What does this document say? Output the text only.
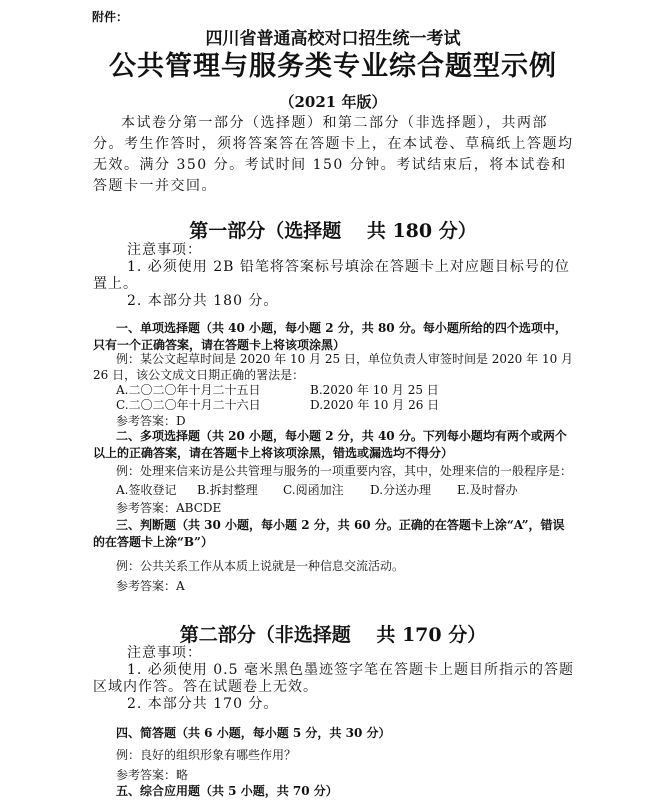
附件：
四川省普通高校对口招生统一考试
公共管理与服务类专业综合题型示例
（2021 年版）

本试卷分第一部分（选择题）和第二部分（非选择题），共两部分。考生作答时，须将答案答在答题卡上，在本试卷、草稿纸上答题均无效。满分 350 分。考试时间 150 分钟。考试结束后，将本试卷和答题卡一并交回。

第一部分（选择题　 共 180 分）
注意事项：
1. 必须使用 2B 铅笔将答案标号填涂在答题卡上对应题目标号的位置上。
2. 本部分共 180 分。

一、单项选择题（共 40 小题，每小题 2 分，共 80 分。每小题所给的四个选项中，只有一个正确答案，请在答题卡上将该项涂黑）

例：某公文起草时间是 2020 年 10 月 25 日，单位负责人审签时间是 2020 年 10 月 26 日，该公文成文日期正确的署法是：

A.二〇二〇年十月二十五日	B.2020 年 10 月 25 日
C.二〇二〇年十月二十六日	D.2020 年 10 月 26 日
参考答案：D

二、多项选择题（共 20 小题，每小题 2 分，共 40 分。下列每小题均有两个或两个以上的正确答案，请在答题卡上将该项涂黑，错选或漏选均不得分）

例：处理来信来访是公共管理与服务的一项重要内容，其中，处理来信的一般程序是：
A.签收登记 B.拆封整理 C.阅函加注 D.分送办理 E.及时督办
参考答案：ABCDE

三、判断题（共 30 小题，每小题 2 分，共 60 分。正确的在答题卡上涂“A”，错误的在答题卡上涂“B”）

例：公共关系工作从本质上说就是一种信息交流活动。
参考答案：A
第二部分（非选择题　 共 170 分）
注意事项：
1. 必须使用 0.5 毫米黑色墨迹签字笔在答题卡上题目所指示的答题区域内作答。答在试题卷上无效。
2. 本部分共 170 分。
四、简答题（共 6 小题，每小题 5 分，共 30 分）
例：良好的组织形象有哪些作用？
参考答案：略
五、综合应用题（共 5 小题，共 70 分）
